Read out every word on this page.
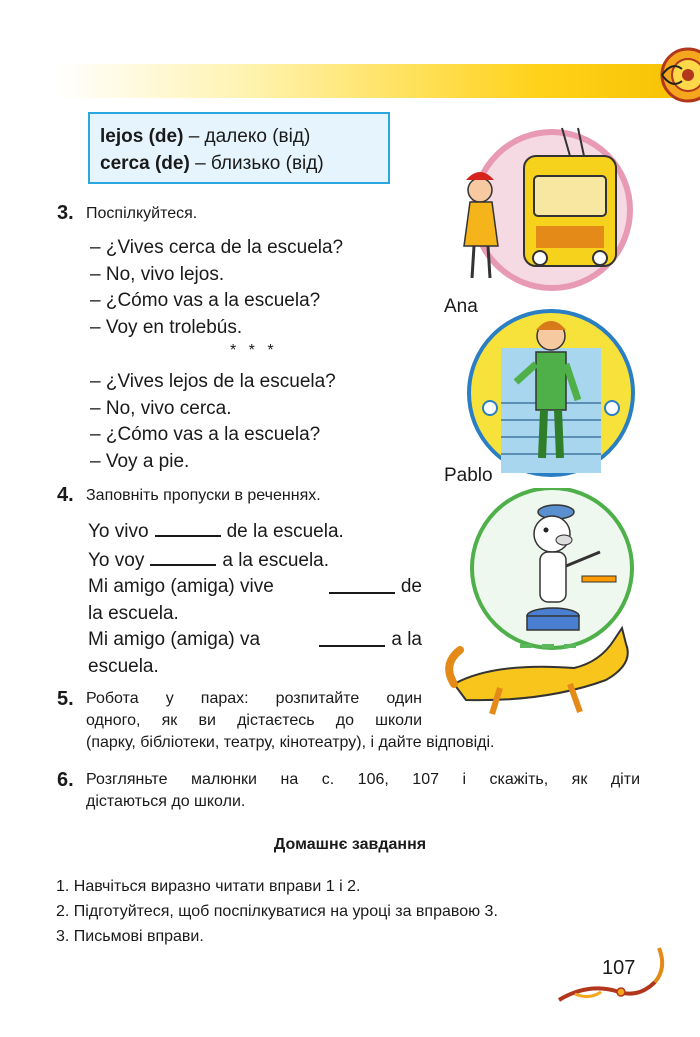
lejos (de) – далеко (від)
cerca (de) – близько (від)
3. Поспілкуйтеся.
– ¿Vives cerca de la escuela?
– No, vivo lejos.
– ¿Cómo vas a la escuela?
– Voy en trolebús.
* * *
– ¿Vives lejos de la escuela?
– No, vivo cerca.
– ¿Cómo vas a la escuela?
– Voy a pie.
4. Заповніть пропуски в реченнях.
Yo vivo	de la escuela.
Yo voy	a la escuela.
Mi amigo (amiga) vive	de
la escuela.
Mi amigo (amiga) va	a la
escuela.
5. Робота у парах: розпитайте один
одного, як ви дістаєтесь до школи
(парку, бібліотеки, театру, кінотеатру), і дайте відповіді.
6. Розгляньте малюнки на с. 106, 107 і скажіть, як діти
дістаються до школи.
Домашнє завдання
1. Навчіться виразно читати вправи 1 і 2.
2. Підготуйтеся, щоб поспілкуватися на уроці за вправою 3.
3. Письмові вправи.
Ana
Pablo
107
